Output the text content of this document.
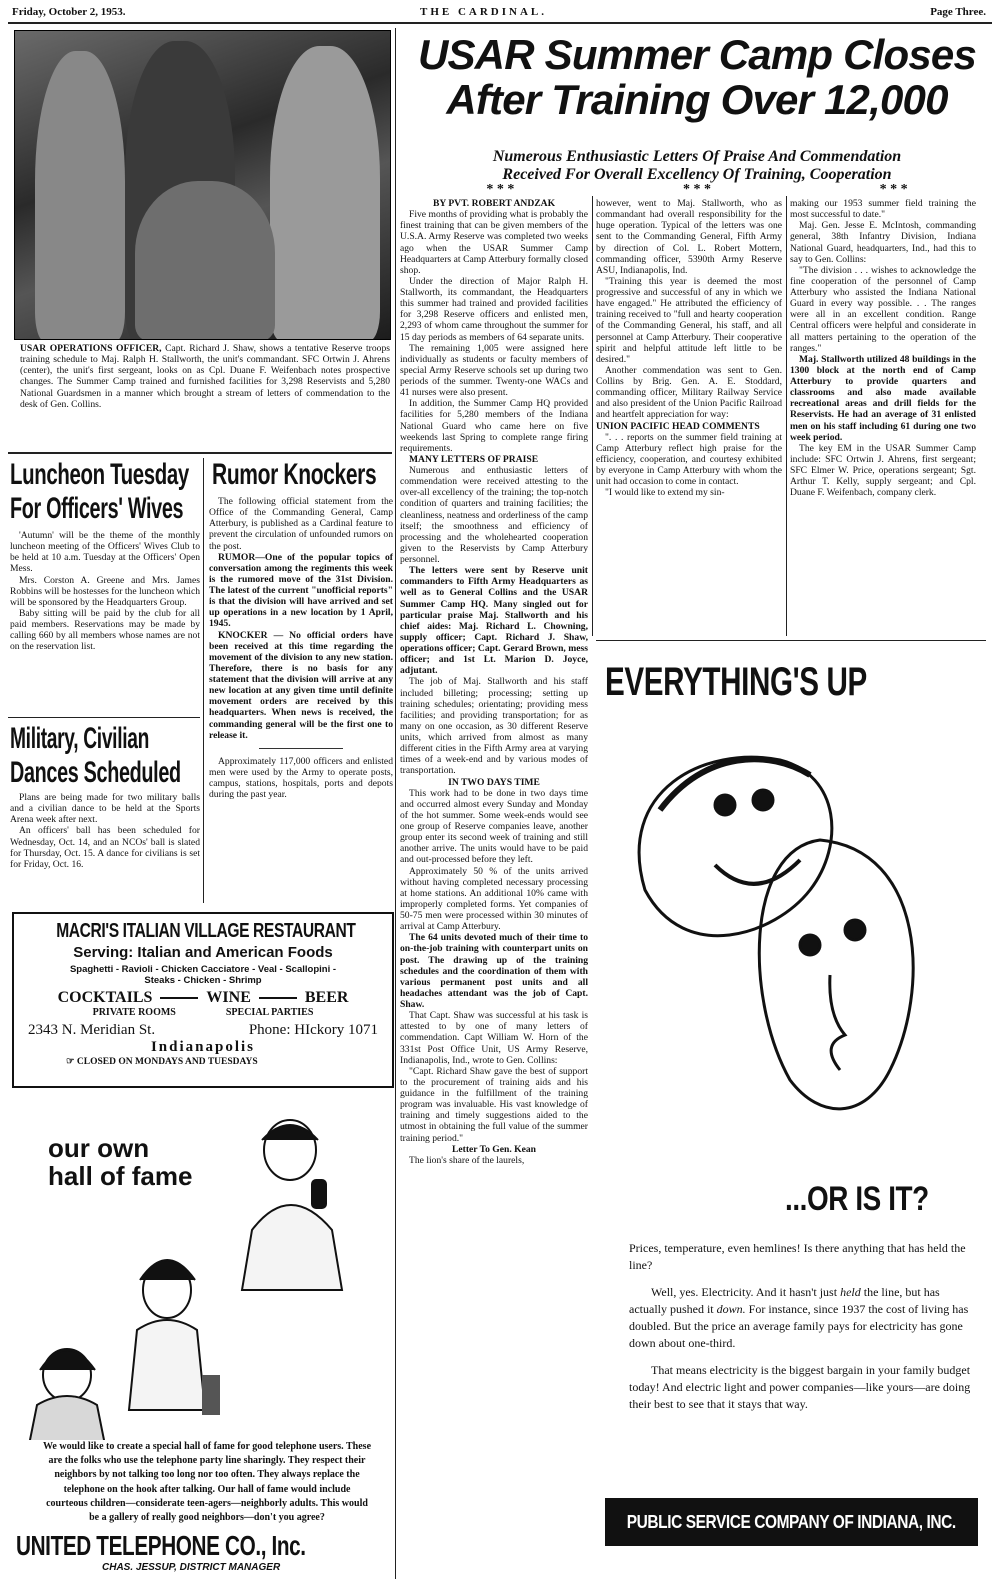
Friday, October 2, 1953.	THE CARDINAL.	Page Three.

USAR OPERATIONS OFFICER, Capt. Richard J. Shaw, shows a tentative Reserve troops training schedule to Maj. Ralph H. Stallworth, the unit's commandant. SFC Ortwin J. Ahrens (center), the unit's first sergeant, looks on as Cpl. Duane F. Weifenbach notes prospective changes. The Summer Camp trained and furnished facilities for 3,298 Reservists and 5,280 National Guardsmen in a manner which brought a stream of letters of commendation to the desk of Gen. Collins.

Luncheon Tuesday
For Officers' Wives

'Autumn' will be the theme of the monthly luncheon meeting of the Officers' Wives Club to be held at 10 a.m. Tuesday at the Officers' Open Mess.

Mrs. Corston A. Greene and Mrs. James Robbins will be hostesses for the luncheon which will be sponsored by the Headquarters Group.

Baby sitting will be paid by the club for all paid members. Reservations may be made by calling 660 by all members whose names are not on the reservation list.

Military, Civilian
Dances Scheduled

Plans are being made for two military balls and a civilian dance to be held at the Sports Arena week after next.

An officers' ball has been scheduled for Wednesday, Oct. 14, and an NCOs' ball is slated for Thursday, Oct. 15. A dance for civilians is set for Friday, Oct. 16.

Rumor Knockers

The following official statement from the Office of the Commanding General, Camp Atterbury, is published as a Cardinal feature to prevent the circulation of unfounded rumors on the post.

RUMOR—One of the popular topics of conversation among the regiments this week is the rumored move of the 31st Division. The latest of the current "unofficial reports" is that the division will have arrived and set up operations in a new location by 1 April, 1945.

KNOCKER — No official orders have been received at this time regarding the movement of the division to any new station. Therefore, there is no basis for any statement that the division will arrive at any new location at any given time until definite movement orders are received by this headquarters. When news is received, the commanding general will be the first one to release it.

Approximately 117,000 officers and enlisted men were used by the Army to operate posts, campus, stations, hospitals, ports and depots during the past year.

MACRI'S ITALIAN VILLAGE RESTAURANT
Serving: Italian and American Foods
Spaghetti - Ravioli - Chicken Cacciatore - Veal - Scallopini -
Steaks - Chicken - Shrimp
COCKTAILS	WINE	BEER
PRIVATE ROOMS	SPECIAL PARTIES
2343 N. Meridian St.	Phone: HIckory 1071
Indianapolis
☞ CLOSED ON MONDAYS AND TUESDAYS
our own
hall of fame
We would like to create a special hall of fame for good telephone users. These are the folks who use the telephone party line sharingly. They respect their neighbors by not talking too long nor too often. They always replace the telephone on the hook after talking. Our hall of fame would include courteous children—considerate teen-agers—neighborly adults. This would be a gallery of really good neighbors—don't you agree?
UNITED TELEPHONE CO., Inc.
CHAS. JESSUP, DISTRICT MANAGER
USAR Summer Camp Closes
After Training Over 12,000
Numerous Enthusiastic Letters Of Praise And Commendation
Received For Overall Excellency Of Training, Cooperation
* * *	* * *	* * *

BY PVT. ROBERT ANDZAK

Five months of providing what is probably the finest training that can be given members of the U.S.A. Army Reserve was completed two weeks ago when the USAR Summer Camp Headquarters at Camp Atterbury formally closed shop.

Under the direction of Major Ralph H. Stallworth, its commandant, the Headquarters this summer had trained and provided facilities for 3,298 Reserve officers and enlisted men, 2,293 of whom came throughout the summer for 15 day periods as members of 64 separate units.

The remaining 1,005 were assigned here individually as students or faculty members of special Army Reserve schools set up during two periods of the summer. Twenty-one WACs and 41 nurses were also present.

In addition, the Summer Camp HQ provided facilities for 5,280 members of the Indiana National Guard who came here on five weekends last Spring to complete range firing requirements.

MANY LETTERS OF PRAISE

Numerous and enthusiastic letters of commendation were received attesting to the over-all excellency of the training; the top-notch condition of quarters and training facilities; the cleanliness, neatness and orderliness of the camp itself; the smoothness and efficiency of processing and the wholehearted cooperation given to the Reservists by Camp Atterbury personnel.

The letters were sent by Reserve unit commanders to Fifth Army Headquarters as well as to General Collins and the USAR Summer Camp HQ. Many singled out for particular praise Maj. Stallworth and his chief aides: Maj. Richard L. Chowning, supply officer; Capt. Richard J. Shaw, operations officer; Capt. Gerard Brown, mess officer; and 1st Lt. Marion D. Joyce, adjutant.

The job of Maj. Stallworth and his staff included billeting; processing; setting up training schedules; orientating; providing mess facilities; and providing transportation; for as many on one occasion, as 30 different Reserve units, which arrived from almost as many different cities in the Fifth Army area at varying times of a week-end and by various modes of transportation.

IN TWO DAYS TIME

This work had to be done in two days time and occurred almost every Sunday and Monday of the hot summer. Some week-ends would see one group of Reserve companies leave, another group enter its second week of training and still another arrive. The units would have to be paid and out-processed before they left.

Approximately 50 % of the units arrived without having completed necessary processing at home stations. An additional 10% came with improperly completed forms. Yet companies of 50-75 men were processed within 30 minutes of arrival at Camp Atterbury.

The 64 units devoted much of their time to on-the-job training with counterpart units on post. The drawing up of the training schedules and the coordination of them with various permanent post units and all headaches attendant was the job of Capt. Shaw.

That Capt. Shaw was successful at his task is attested to by one of many letters of commendation. Capt William W. Horn of the 331st Post Office Unit, US Army Reserve, Indianapolis, Ind., wrote to Gen. Collins:

"Capt. Richard Shaw gave the best of support to the procurement of training aids and his guidance in the fulfillment of the training program was invaluable. His vast knowledge of training and timely suggestions aided to the utmost in obtaining the full value of the summer training period."

Letter To Gen. Kean

The lion's share of the laurels,

however, went to Maj. Stallworth, who as commandant had overall responsibility for the huge operation. Typical of the letters was one sent to the Commanding General, Fifth Army by direction of Col. L. Robert Mottern, commanding officer, 5390th Army Reserve ASU, Indianapolis, Ind.

"Training this year is deemed the most progressive and successful of any in which we have engaged." He attributed the efficiency of training received to "full and hearty cooperation of the Commanding General, his staff, and all personnel at Camp Atterbury. Their cooperative spirit and helpful attitude left little to be desired."

Another commendation was sent to Gen. Collins by Brig. Gen. A. E. Stoddard, commanding officer, Military Railway Service and also president of the Union Pacific Railroad and heartfelt appreciation for way:

UNION PACIFIC HEAD COMMENTS

". . . reports on the summer field training at Camp Atterbury reflect high praise for the efficiency, cooperation, and courtesy exhibited by everyone in Camp Atterbury with whom the unit had occasion to come in contact.

"I would like to extend my sin-

making our 1953 summer field training the most successful to date."

Maj. Gen. Jesse E. McIntosh, commanding general, 38th Infantry Division, Indiana National Guard, headquarters, Ind., had this to say to Gen. Collins:

"The division . . . wishes to acknowledge the fine cooperation of the personnel of Camp Atterbury who assisted the Indiana National Guard in every way possible. . . The ranges were all in an excellent condition. Range Central officers were helpful and considerate in all matters pertaining to the operation of the ranges."

Maj. Stallworth utilized 48 buildings in the 1300 block at the north end of Camp Atterbury to provide quarters and classrooms and also made available recreational areas and drill fields for the Reservists. He had an average of 31 enlisted men on his staff including 61 during one two week period.

The key EM in the USAR Summer Camp include: SFC Ortwin J. Ahrens, first sergeant; SFC Elmer W. Price, operations sergeant; Sgt. Arthur T. Kelly, supply sergeant; and Cpl. Duane F. Weifenbach, company clerk.

EVERYTHING'S UP
...OR IS IT?

Prices, temperature, even hemlines! Is there anything that has held the line?

Well, yes. Electricity. And it hasn't just held the line, but has actually pushed it down. For instance, since 1937 the cost of living has doubled. But the price an average family pays for electricity has gone down about one-third.

That means electricity is the biggest bargain in your family budget today! And electric light and power companies—like yours—are doing their best to see that it stays that way.

PUBLIC SERVICE COMPANY OF INDIANA, INC.
